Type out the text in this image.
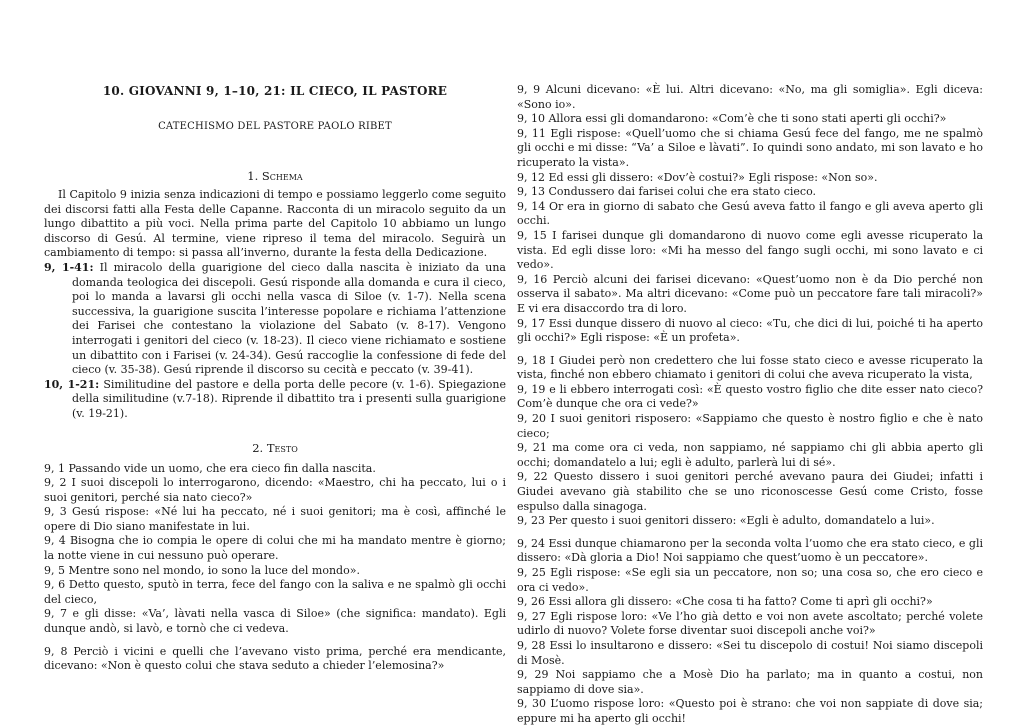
10. GIOVANNI 9, 1–10, 21: IL CIECO, IL PASTORE
CATECHISMO DEL PASTORE PAOLO RIBET
1. Schema

Il Capitolo 9 inizia senza indicazioni di tempo e possiamo leggerlo come seguito dei discorsi fatti alla Festa delle Capanne. Racconta di un miracolo seguito da un lungo dibattito a più voci. Nella prima parte del Capitolo 10 abbiamo un lungo discorso di Gesú. Al termine, viene ripreso il tema del miracolo. Seguirà un cambiamento di tempo: si passa all’inverno, durante la festa della Dedicazione.

9, 1-41: Il miracolo della guarigione del cieco dalla nascita è iniziato da una domanda teologica dei discepoli. Gesú risponde alla domanda e cura il cieco, poi lo manda a lavarsi gli occhi nella vasca di Siloe (v. 1-7). Nella scena successiva, la guarigione suscita l’interesse popolare e richiama l’attenzione dei Farisei che contestano la violazione del Sabato (v. 8-17). Vengono interrogati i genitori del cieco (v. 18-23). Il cieco viene richiamato e sostiene un dibattito con i Farisei (v. 24-34). Gesú raccoglie la confessione di fede del cieco (v. 35-38). Gesú riprende il discorso su cecità e peccato (v. 39-41).

10, 1-21: Similitudine del pastore e della porta delle pecore (v. 1-6). Spiegazione della similitudine (v.7-18). Riprende il dibattito tra i presenti sulla guarigione (v. 19-21).

2. Testo

9, 1 Passando vide un uomo, che era cieco fin dalla nascita.

9, 2 I suoi discepoli lo interrogarono, dicendo: «Maestro, chi ha peccato, lui o i suoi genitori, perché sia nato cieco?»

9, 3 Gesú rispose: «Né lui ha peccato, né i suoi genitori; ma è così, affinché le opere di Dio siano manifestate in lui.

9, 4 Bisogna che io compia le opere di colui che mi ha mandato mentre è giorno; la notte viene in cui nessuno può operare.

9, 5 Mentre sono nel mondo, io sono la luce del mondo».

9, 6 Detto questo, sputò in terra, fece del fango con la saliva e ne spalmò gli occhi del cieco,

9, 7 e gli disse: «Va’, làvati nella vasca di Siloe» (che significa: mandato). Egli dunque andò, si lavò, e tornò che ci vedeva.

9, 8 Perciò i vicini e quelli che l’avevano visto prima, perché era mendicante, dicevano: «Non è questo colui che stava seduto a chieder l’elemosina?»

9, 9 Alcuni dicevano: «È lui. Altri dicevano: «No, ma gli somiglia». Egli diceva: «Sono io».

9, 10 Allora essi gli domandarono: «Com’è che ti sono stati aperti gli occhi?»

9, 11 Egli rispose: «Quell’uomo che si chiama Gesú fece del fango, me ne spalmò gli occhi e mi disse: “Va’ a Siloe e làvati”. Io quindi sono andato, mi son lavato e ho ricuperato la vista».

9, 12 Ed essi gli dissero: «Dov’è costui?» Egli rispose: «Non so».

9, 13 Condussero dai farisei colui che era stato cieco.

9, 14 Or era in giorno di sabato che Gesú aveva fatto il fango e gli aveva aperto gli occhi.

9, 15 I farisei dunque gli domandarono di nuovo come egli avesse ricuperato la vista. Ed egli disse loro: «Mi ha messo del fango sugli occhi, mi sono lavato e ci vedo».

9, 16 Perciò alcuni dei farisei dicevano: «Quest’uomo non è da Dio perché non osserva il sabato». Ma altri dicevano: «Come può un peccatore fare tali miracoli?» E vi era disaccordo tra di loro.

9, 17 Essi dunque dissero di nuovo al cieco: «Tu, che dici di lui, poiché ti ha aperto gli occhi?» Egli rispose: «È un profeta».

9, 18 I Giudei però non credettero che lui fosse stato cieco e avesse ricuperato la vista, finché non ebbero chiamato i genitori di colui che aveva ricuperato la vista,

9, 19 e li ebbero interrogati così: «È questo vostro figlio che dite esser nato cieco? Com’è dunque che ora ci vede?»

9, 20 I suoi genitori risposero: «Sappiamo che questo è nostro figlio e che è nato cieco;

9, 21 ma come ora ci veda, non sappiamo, né sappiamo chi gli abbia aperto gli occhi; domandatelo a lui; egli è adulto, parlerà lui di sé».

9, 22 Questo dissero i suoi genitori perché avevano paura dei Giudei; infatti i Giudei avevano già stabilito che se uno riconoscesse Gesú come Cristo, fosse espulso dalla sinagoga.

9, 23 Per questo i suoi genitori dissero: «Egli è adulto, domandatelo a lui».

9, 24 Essi dunque chiamarono per la seconda volta l’uomo che era stato cieco, e gli dissero: «Dà gloria a Dio! Noi sappiamo che quest’uomo è un peccatore».

9, 25 Egli rispose: «Se egli sia un peccatore, non so; una cosa so, che ero cieco e ora ci vedo».

9, 26 Essi allora gli dissero: «Che cosa ti ha fatto? Come ti aprì gli occhi?»

9, 27 Egli rispose loro: «Ve l’ho già detto e voi non avete ascoltato; perché volete udirlo di nuovo? Volete forse diventar suoi discepoli anche voi?»

9, 28 Essi lo insultarono e dissero: «Sei tu discepolo di costui! Noi siamo discepoli di Mosè.

9, 29 Noi sappiamo che a Mosè Dio ha parlato; ma in quanto a costui, non sappiamo di dove sia».

9, 30 L’uomo rispose loro: «Questo poi è strano: che voi non sappiate di dove sia; eppure mi ha aperto gli occhi!
